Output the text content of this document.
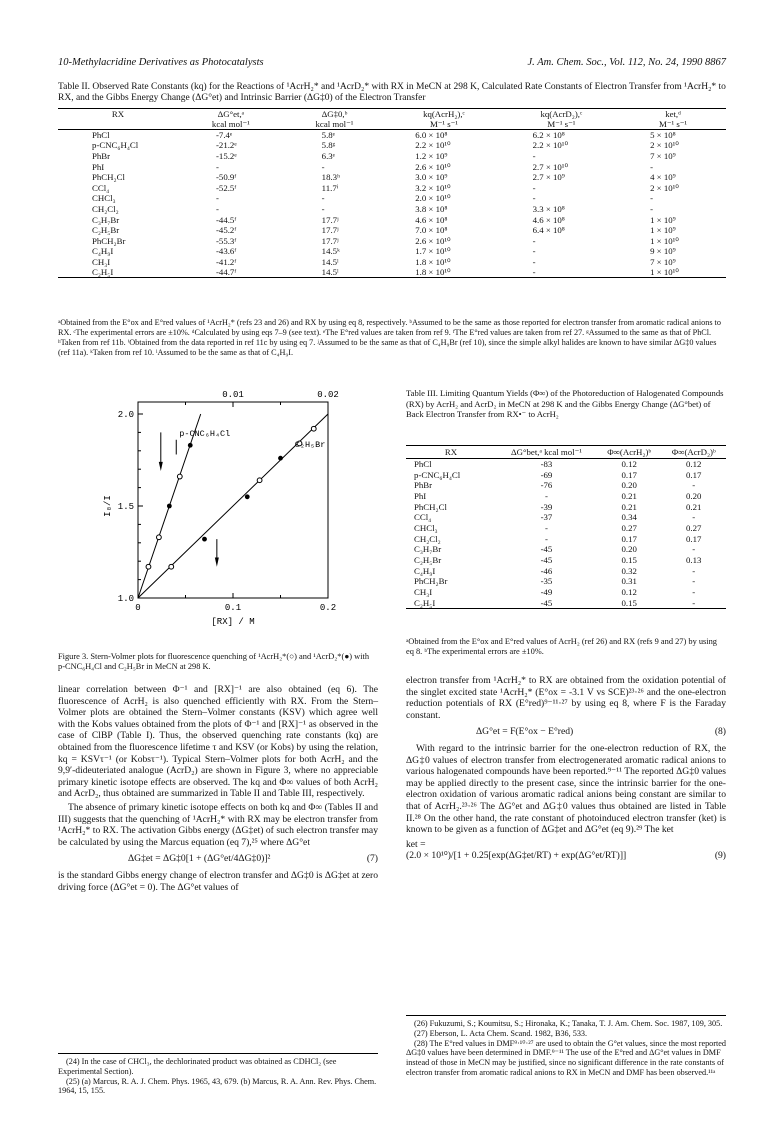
10-Methylacridine Derivatives as Photocatalysts	J. Am. Chem. Soc., Vol. 112, No. 24, 1990 8867
Table II. Observed Rate Constants (kq) for the Reactions of ¹AcrH₂* and ¹AcrD₂* with RX in MeCN at 298 K, Calculated Rate Constants of Electron Transfer from ¹AcrH₂* to RX, and the Gibbs Energy Change (ΔG°et) and Intrinsic Barrier (ΔG‡0) of the Electron Transfer
RX	ΔG°et,ᵃ	ΔG‡0,ᵇ	kq(AcrH₂),ᶜ	kq(AcrD₂),ᶜ	ket,ᵈ
	kcal mol⁻¹	kcal mol⁻¹	M⁻¹ s⁻¹	M⁻¹ s⁻¹	M⁻¹ s⁻¹
PhCl	-7.4ᵉ	5.8ᵉ	6.0 × 10⁸	6.2 × 10⁸	5 × 10⁸
p-CNC₆H₄Cl	-21.2ᵉ	5.8ᵍ	2.2 × 10¹⁰	2.2 × 10¹⁰	2 × 10¹⁰
PhBr	-15.2ᵉ	6.3ᵉ	1.2 × 10⁹	-	7 × 10⁹
PhI	-	-	2.6 × 10¹⁰	2.7 × 10¹⁰	-
PhCH₂Cl	-50.9ᶠ	18.3ʰ	3.0 × 10⁹	2.7 × 10⁹	4 × 10⁹
CCl₄	-52.5ᶠ	11.7ⁱ	3.2 × 10¹⁰	-	2 × 10¹⁰
CHCl₃	-	-	2.0 × 10¹⁰	-	-
CH₂Cl₂	-	-	3.8 × 10⁸	3.3 × 10⁸	-
C₃H₇Br	-44.5ᶠ	17.7ʲ	4.6 × 10⁸	4.6 × 10⁸	1 × 10⁹
C₂H₅Br	-45.2ᶠ	17.7ʲ	7.0 × 10⁸	6.4 × 10⁸	1 × 10⁹
PhCH₂Br	-55.3ᶠ	17.7ʲ	2.6 × 10¹⁰	-	1 × 10¹⁰
C₄H₉I	-43.6ᶠ	14.5ᵏ	1.7 × 10¹⁰	-	9 × 10⁹
CH₃I	-41.2ᶠ	14.5ˡ	1.8 × 10¹⁰	-	7 × 10⁹
C₂H₅I	-44.7ᶠ	14.5ˡ	1.8 × 10¹⁰	-	1 × 10¹⁰
ᵃObtained from the E°ox and E°red values of ¹AcrH₂* (refs 23 and 26) and RX by using eq 8, respectively. ᵇAssumed to be the same as those reported for electron transfer from aromatic radical anions to RX. ᶜThe experimental errors are ±10%. ᵈCalculated by using eqs 7–9 (see text). ᵉThe E°red values are taken from ref 9. ᶠThe E°red values are taken from ref 27. ᵍAssumed to the same as that of PhCl. ʰTaken from ref 11b. ⁱObtained from the data reported in ref 11c by using eq 7. ʲAssumed to be the same as that of C₄H₉Br (ref 10), since the simple alkyl halides are known to have similar ΔG‡0 values (ref 11a). ᵏTaken from ref 10. ˡAssumed to be the same as that of C₄H₉I.
0	0.1	0.2
0.01	0.02
1.0
1.5
2.0
[RX] / M
I₀/I
p-CNC₆H₄Cl
C₂H₅Br
Figure 3. Stern-Volmer plots for fluorescence quenching of ¹AcrH₂*(○) and ¹AcrD₂*(●) with p-CNC₆H₄Cl and C₂H₅Br in MeCN at 298 K.
Table III. Limiting Quantum Yields (Φ∞) of the Photoreduction of Halogenated Compounds (RX) by AcrH₂ and AcrD₂ in MeCN at 298 K and the Gibbs Energy Change (ΔG°bet) of Back Electron Transfer from RX•⁻ to AcrH₂
RX	ΔG°bet,ᵃ kcal mol⁻¹	Φ∞(AcrH₂)ᵇ	Φ∞(AcrD₂)ᵇ
PhCl	-83	0.12	0.12
p-CNC₆H₄Cl	-69	0.17	0.17
PhBr	-76	0.20	-
PhI	-	0.21	0.20
PhCH₂Cl	-39	0.21	0.21
CCl₄	-37	0.34	-
CHCl₃	-	0.27	0.27
CH₂Cl₂	-	0.17	0.17
C₃H₇Br	-45	0.20	-
C₂H₅Br	-45	0.15	0.13
C₄H₉I	-46	0.32	-
PhCH₂Br	-35	0.31	-
CH₃I	-49	0.12	-
C₂H₅I	-45	0.15	-
ᵃObtained from the E°ox and E°red values of AcrH₂ (ref 26) and RX (refs 9 and 27) by using eq 8. ᵇThe experimental errors are ±10%.

linear correlation between Φ⁻¹ and [RX]⁻¹ are also obtained (eq 6). The fluorescence of AcrH₂ is also quenched efficiently with RX. From the Stern–Volmer plots are obtained the Stern–Volmer constants (KSV) which agree well with the Kobs values obtained from the plots of Φ⁻¹ and [RX]⁻¹ as observed in the case of ClBP (Table I). Thus, the observed quenching rate constants (kq) are obtained from the fluorescence lifetime τ and KSV (or Kobs) by using the relation, kq = KSVτ⁻¹ (or Kobsτ⁻¹). Typical Stern–Volmer plots for both AcrH₂ and the 9,9′-dideuteriated analogue (AcrD₂) are shown in Figure 3, where no appreciable primary kinetic isotope effects are observed. The kq and Φ∞ values of both AcrH₂ and AcrD₂, thus obtained are summarized in Table II and Table III, respectively.

The absence of primary kinetic isotope effects on both kq and Φ∞ (Tables II and III) suggests that the quenching of ¹AcrH₂* with RX may be electron transfer from ¹AcrH₂* to RX. The activation Gibbs energy (ΔG‡et) of such electron transfer may be calculated by using the Marcus equation (eq 7),²⁵ where ΔG°et

ΔG‡et = ΔG‡0[1 + (ΔG°et/4ΔG‡0)]²	(7)

is the standard Gibbs energy change of electron transfer and ΔG‡0 is ΔG‡et at zero driving force (ΔG°et = 0). The ΔG°et values of

electron transfer from ¹AcrH₂* to RX are obtained from the oxidation potential of the singlet excited state ¹AcrH₂* (E°ox = -3.1 V vs SCE)²³·²⁶ and the one-electron reduction potentials of RX (E°red)⁹⁻¹¹·²⁷ by using eq 8, where F is the Faraday constant.

ΔG°et = F(E°ox − E°red)	(8)

With regard to the intrinsic barrier for the one-electron reduction of RX, the ΔG‡0 values of electron transfer from electrogenerated aromatic radical anions to various halogenated compounds have been reported.⁹⁻¹¹ The reported ΔG‡0 values may be applied directly to the present case, since the intrinsic barrier for the one-electron oxidation of various aromatic radical anions being constant are similar to that of AcrH₂.²³·²⁶ The ΔG°et and ΔG‡0 values thus obtained are listed in Table II.²⁸ On the other hand, the rate constant of photoinduced electron transfer (ket) is known to be given as a function of ΔG‡et and ΔG°et (eq 9).²⁹ The ket

ket =
(2.0 × 10¹⁰)/[1 + 0.25[exp(ΔG‡et/RT) + exp(ΔG°et/RT)]]	(9)

(24) In the case of CHCl₃, the dechlorinated product was obtained as CDHCl₂ (see Experimental Section).

(25) (a) Marcus, R. A. J. Chem. Phys. 1965, 43, 679. (b) Marcus, R. A. Ann. Rev. Phys. Chem. 1964, 15, 155.

(26) Fukuzumi, S.; Koumitsu, S.; Hironaka, K.; Tanaka, T. J. Am. Chem. Soc. 1987, 109, 305.

(27) Eberson, L. Acta Chem. Scand. 1982, B36, 533.

(28) The E°red values in DMF⁹·¹⁰·²⁷ are used to obtain the G°et values, since the most reported ΔG‡0 values have been determined in DMF.⁹⁻¹¹ The use of the E°red and ΔG°et values in DMF instead of those in MeCN may be justified, since no significant difference in the rate constants of electron transfer from aromatic radical anions to RX in MeCN and DMF has been observed.¹¹ᵃ
